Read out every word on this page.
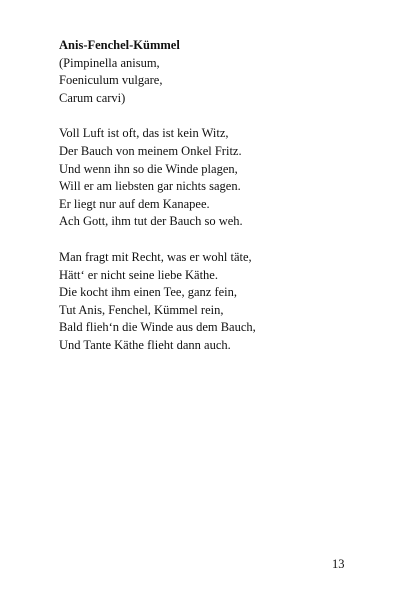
Anis-Fenchel-Kümmel

(Pimpinella anisum,

Foeniculum vulgare,

Carum carvi)

Voll Luft ist oft, das ist kein Witz,

Der Bauch von meinem Onkel Fritz.

Und wenn ihn so die Winde plagen,

Will er am liebsten gar nichts sagen.

Er liegt nur auf dem Kanapee.

Ach Gott, ihm tut der Bauch so weh.

Man fragt mit Recht, was er wohl täte,

Hätt‘ er nicht seine liebe Käthe.

Die kocht ihm einen Tee, ganz fein,

Tut Anis, Fenchel, Kümmel rein,

Bald flieh‘n die Winde aus dem Bauch,

Und Tante Käthe flieht dann auch.

13
